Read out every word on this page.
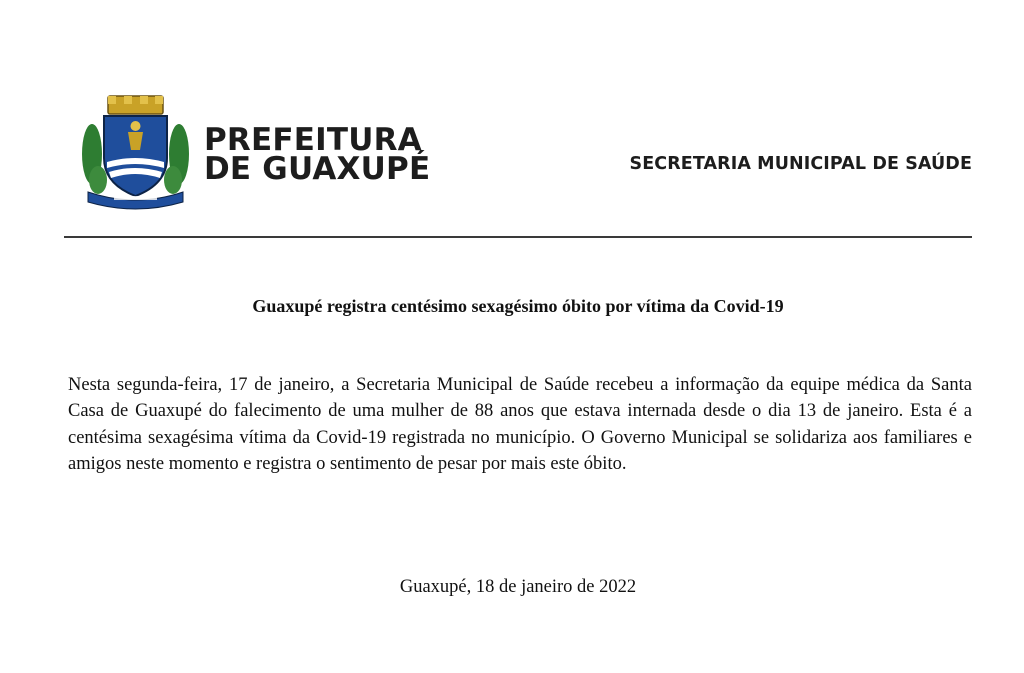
PREFEITURA
DE GUAXUPÉ	SECRETARIA MUNICIPAL DE SAÚDE
Guaxupé registra centésimo sexagésimo óbito por vítima da Covid-19

Nesta segunda-feira, 17 de janeiro, a Secretaria Municipal de Saúde recebeu a informação da equipe médica da Santa Casa de Guaxupé do falecimento de uma mulher de 88 anos que estava internada desde o dia 13 de janeiro. Esta é a centésima sexagésima vítima da Covid-19 registrada no município. O Governo Municipal se solidariza aos familiares e amigos neste momento e registra o sentimento de pesar por mais este óbito.

Guaxupé, 18 de janeiro de 2022
